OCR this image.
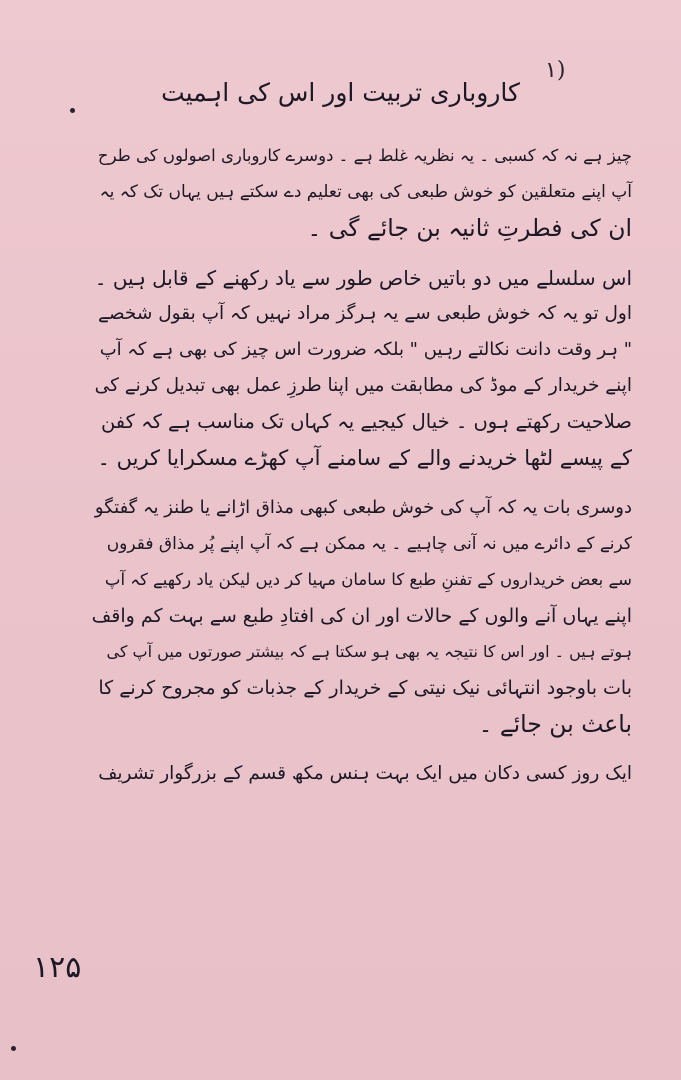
۱)
کاروباری تربیت اور اس کی اہمیت
چیز ہے نہ کہ کسبی ۔ یہ نظریہ غلط ہے ۔ دوسرے کاروباری اصولوں کی طرح
آپ اپنے متعلقین کو خوش طبعی کی بھی تعلیم دے سکتے ہیں یہاں تک کہ یہ
ان کی فطرتِ ثانیہ بن جائے گی ۔
اس سلسلے میں دو باتیں خاص طور سے یاد رکھنے کے قابل ہیں ۔
اول تو یہ کہ خوش طبعی سے یہ ہرگز مراد نہیں کہ آپ بقول شخصے
" ہر وقت دانت نکالتے رہیں " بلکہ ضرورت اس چیز کی بھی ہے کہ آپ
اپنے خریدار کے موڈ کی مطابقت میں اپنا طرزِ عمل بھی تبدیل کرنے کی
صلاحیت رکھتے ہوں ۔ خیال کیجیے یہ کہاں تک مناسب ہے کہ کفن
کے پیسے لٹھا خریدنے والے کے سامنے آپ کھڑے مسکرایا کریں ۔
دوسری بات یہ کہ آپ کی خوش طبعی کبھی مذاق اڑانے یا طنز یہ گفتگو
کرنے کے دائرے میں نہ آنی چاہیے ۔ یہ ممکن ہے کہ آپ اپنے پُر مذاق فقروں
سے بعض خریداروں کے تفننِ طبع کا سامان مہیا کر دیں لیکن یاد رکھیے کہ آپ
اپنے یہاں آنے والوں کے حالات اور ان کی افتادِ طبع سے بہت کم واقف
ہوتے ہیں ۔ اور اس کا نتیجہ یہ بھی ہو سکتا ہے کہ بیشتر صورتوں میں آپ کی
بات باوجود انتہائی نیک نیتی کے خریدار کے جذبات کو مجروح کرنے کا
باعث بن جائے ۔
ایک روز کسی دکان میں ایک بہت ہنس مکھ قسم کے بزرگوار تشریف
۱۲۵
